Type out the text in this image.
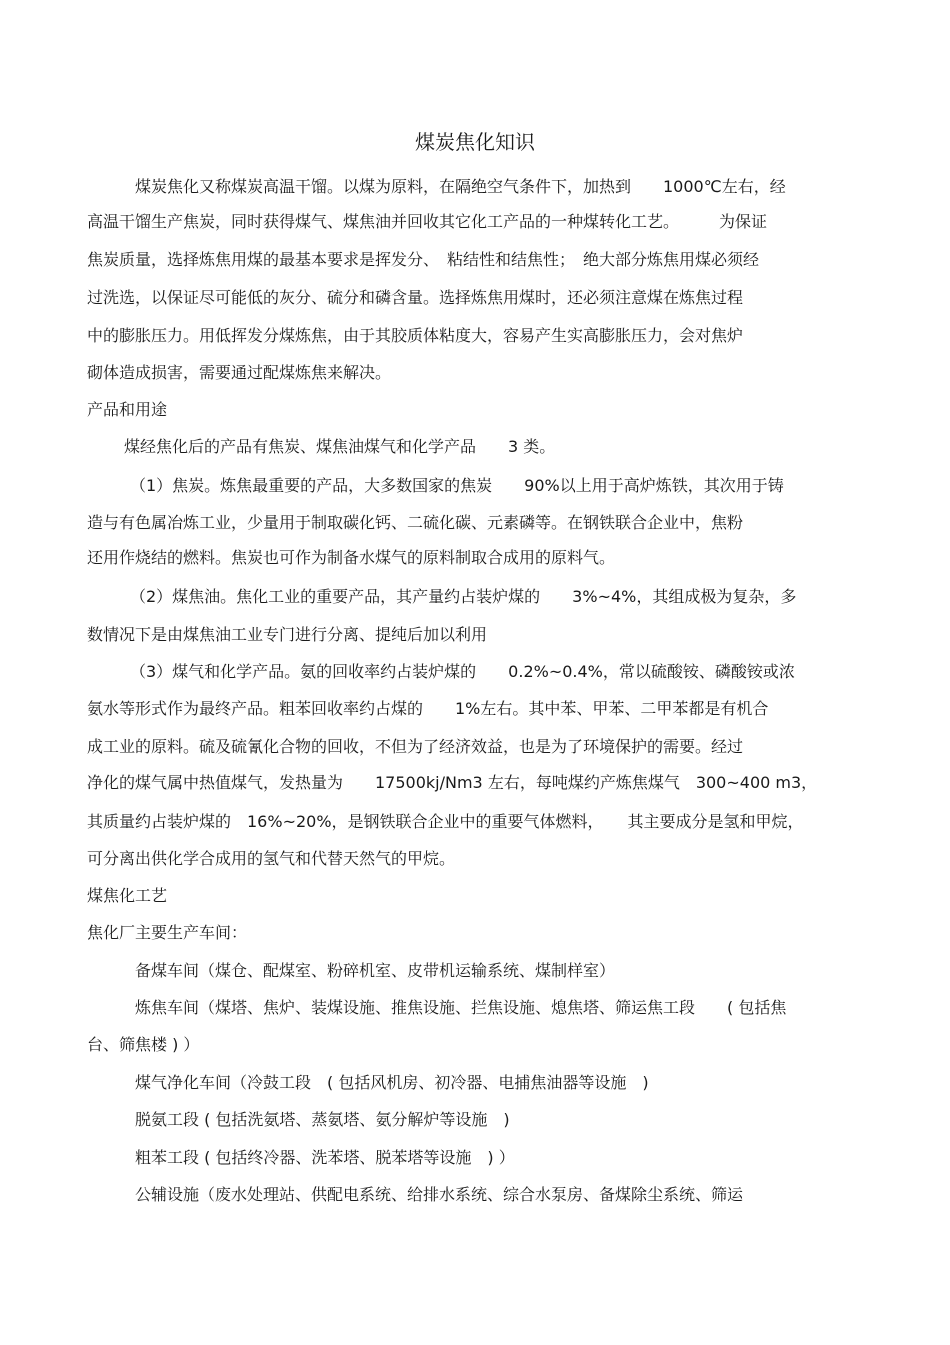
煤炭焦化知识

煤炭焦化又称煤炭高温干馏。以煤为原料，在隔绝空气条件下，加热到　　1000℃左右，经

高温干馏生产焦炭，同时获得煤气、煤焦油并回收其它化工产品的一种煤转化工艺。　　　为保证

焦炭质量，选择炼焦用煤的最基本要求是挥发分、　粘结性和结焦性；　绝大部分炼焦用煤必须经

过洗选，以保证尽可能低的灰分、硫分和磷含量。选择炼焦用煤时，还必须注意煤在炼焦过程

中的膨胀压力。用低挥发分煤炼焦，由于其胶质体粘度大，容易产生实高膨胀压力，会对焦炉

砌体造成损害，需要通过配煤炼焦来解决。

产品和用途

煤经焦化后的产品有焦炭、煤焦油煤气和化学产品　　3 类。

（1）焦炭。炼焦最重要的产品，大多数国家的焦炭　　90%以上用于高炉炼铁，其次用于铸

造与有色属冶炼工业，少量用于制取碳化钙、二硫化碳、元素磷等。在钢铁联合企业中，焦粉

还用作烧结的燃料。焦炭也可作为制备水煤气的原料制取合成用的原料气。

（2）煤焦油。焦化工业的重要产品，其产量约占装炉煤的　　3%~4%，其组成极为复杂，多

数情况下是由煤焦油工业专门进行分离、提纯后加以利用

（3）煤气和化学产品。氨的回收率约占装炉煤的　　0.2%~0.4%，常以硫酸铵、磷酸铵或浓

氨水等形式作为最终产品。粗苯回收率约占煤的　　1%左右。其中苯、甲苯、二甲苯都是有机合

成工业的原料。硫及硫氰化合物的回收，不但为了经济效益，也是为了环境保护的需要。经过

净化的煤气属中热值煤气，发热量为　　17500kj/Nm3 左右，每吨煤约产炼焦煤气　300~400 m3，

其质量约占装炉煤的　16%~20%，是钢铁联合企业中的重要气体燃料，　　其主要成分是氢和甲烷，

可分离出供化学合成用的氢气和代替天然气的甲烷。

煤焦化工艺

焦化厂主要生产车间：

备煤车间（煤仓、配煤室、粉碎机室、皮带机运输系统、煤制样室）

炼焦车间（煤塔、焦炉、装煤设施、推焦设施、拦焦设施、熄焦塔、筛运焦工段　　( 包括焦

台、筛焦楼 ) ）

煤气净化车间（冷鼓工段　( 包括风机房、初冷器、电捕焦油器等设施　)

脱氨工段 ( 包括洗氨塔、蒸氨塔、氨分解炉等设施　)

粗苯工段 ( 包括终冷器、洗苯塔、脱苯塔等设施　) ）

公辅设施（废水处理站、供配电系统、给排水系统、综合水泵房、备煤除尘系统、筛运
